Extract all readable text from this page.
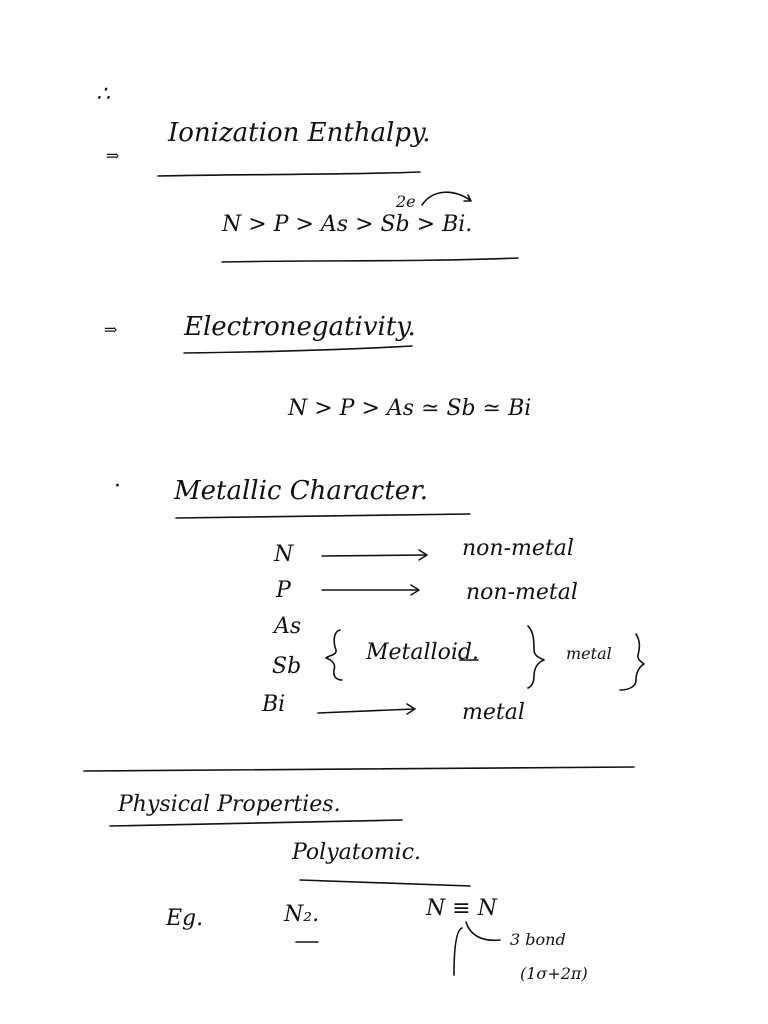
∴
⇒
Ionization Enthalpy.
2e
N > P > As > Sb > Bi.
⇒	Electronegativity.
N > P > As ≃ Sb ≃ Bi
· Metallic Character.
N	non-metal
P	non-metal
As
Sb
Metalloid.	metal
Bi	metal
Physical Properties.
Polyatomic.
Eg.	N₂.	N ≡ N
3 bond
(1σ+2π)
